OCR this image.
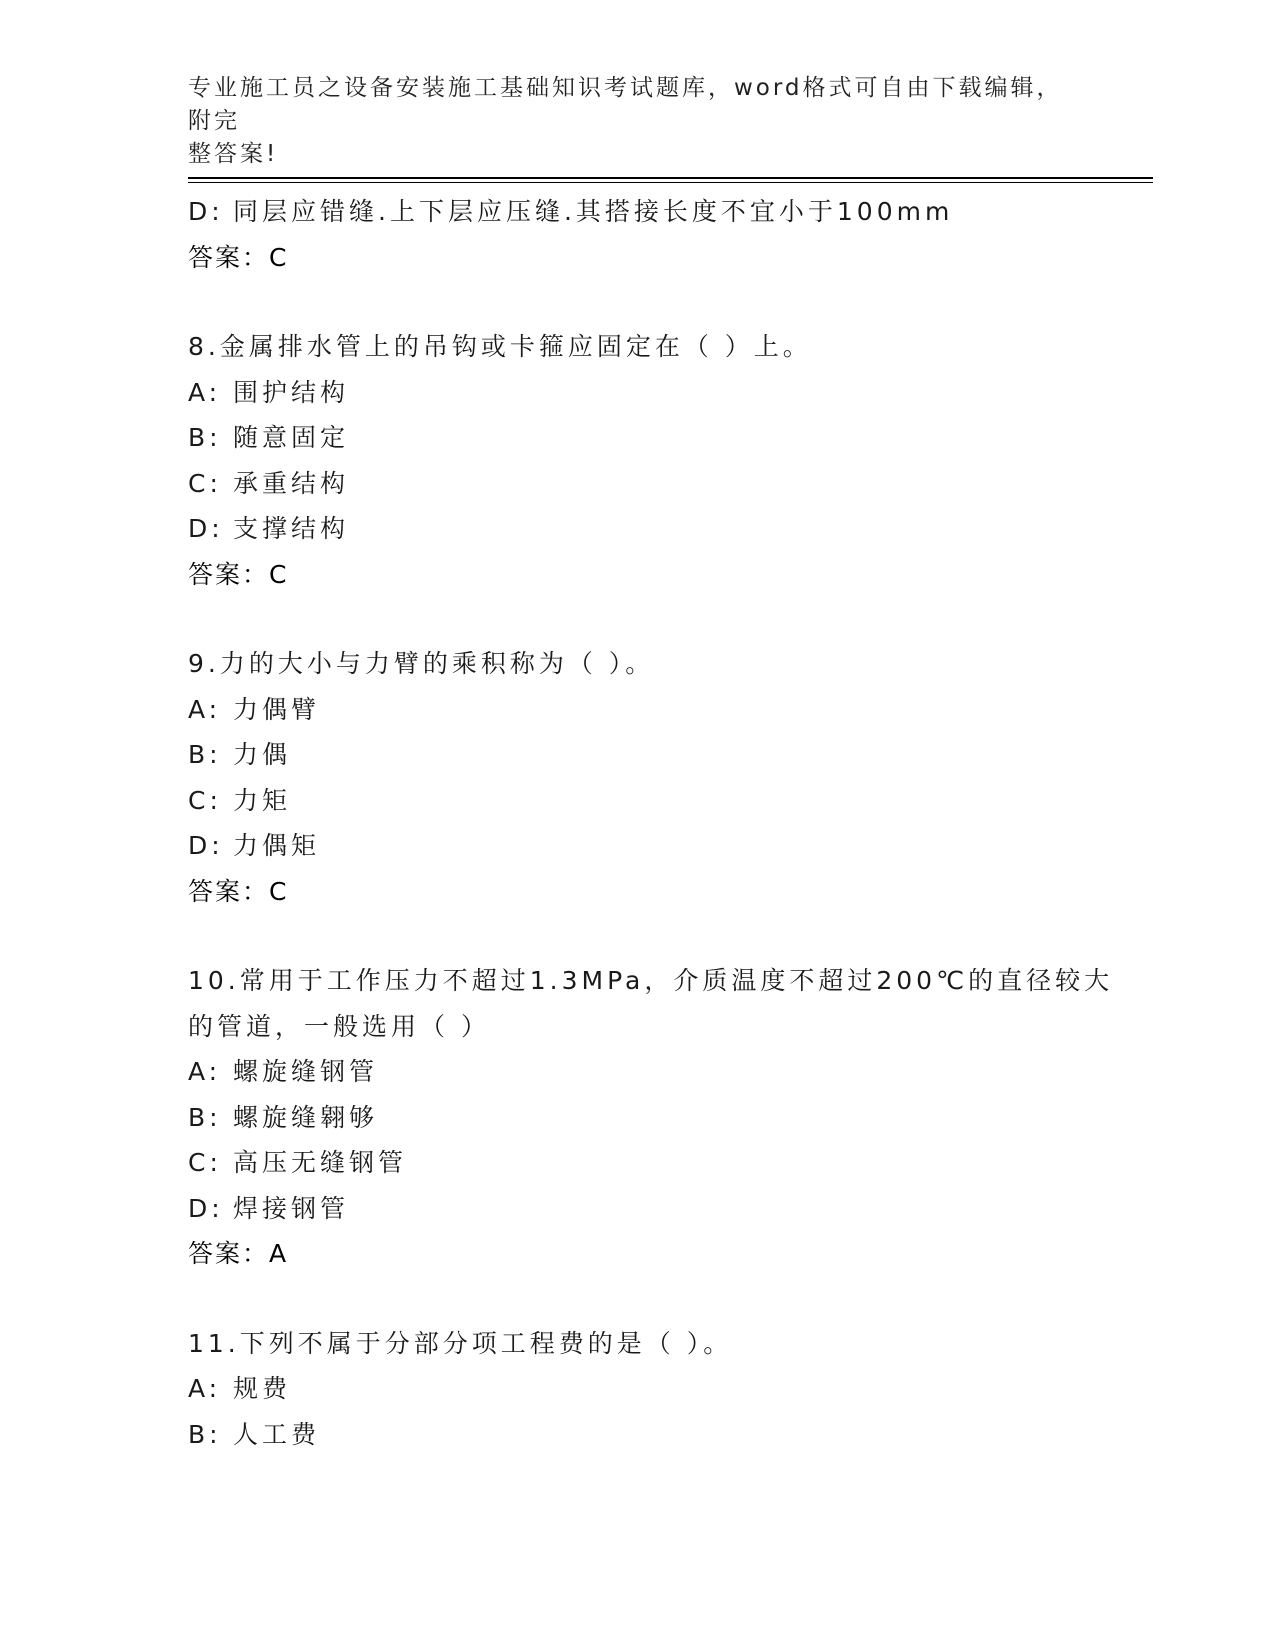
专业施工员之设备安装施工基础知识考试题库，word格式可自由下载编辑，附完
整答案!
D: 同层应错缝.上下层应压缝.其搭接长度不宜小于100mm
答案：C
8.金属排水管上的吊钩或卡箍应固定在（ ）上。
A: 围护结构
B: 随意固定
C: 承重结构
D: 支撑结构
答案：C
9.力的大小与力臂的乘积称为（ ）。
A: 力偶臂
B: 力偶
C: 力矩
D: 力偶矩
答案：C
10.常用于工作压力不超过1.3MPa，介质温度不超过200℃的直径较大
的管道，一般选用（ ）
A: 螺旋缝钢管
B: 螺旋缝翱够
C: 高压无缝钢管
D: 焊接钢管
答案：A
11.下列不属于分部分项工程费的是（ ）。
A: 规费
B: 人工费
